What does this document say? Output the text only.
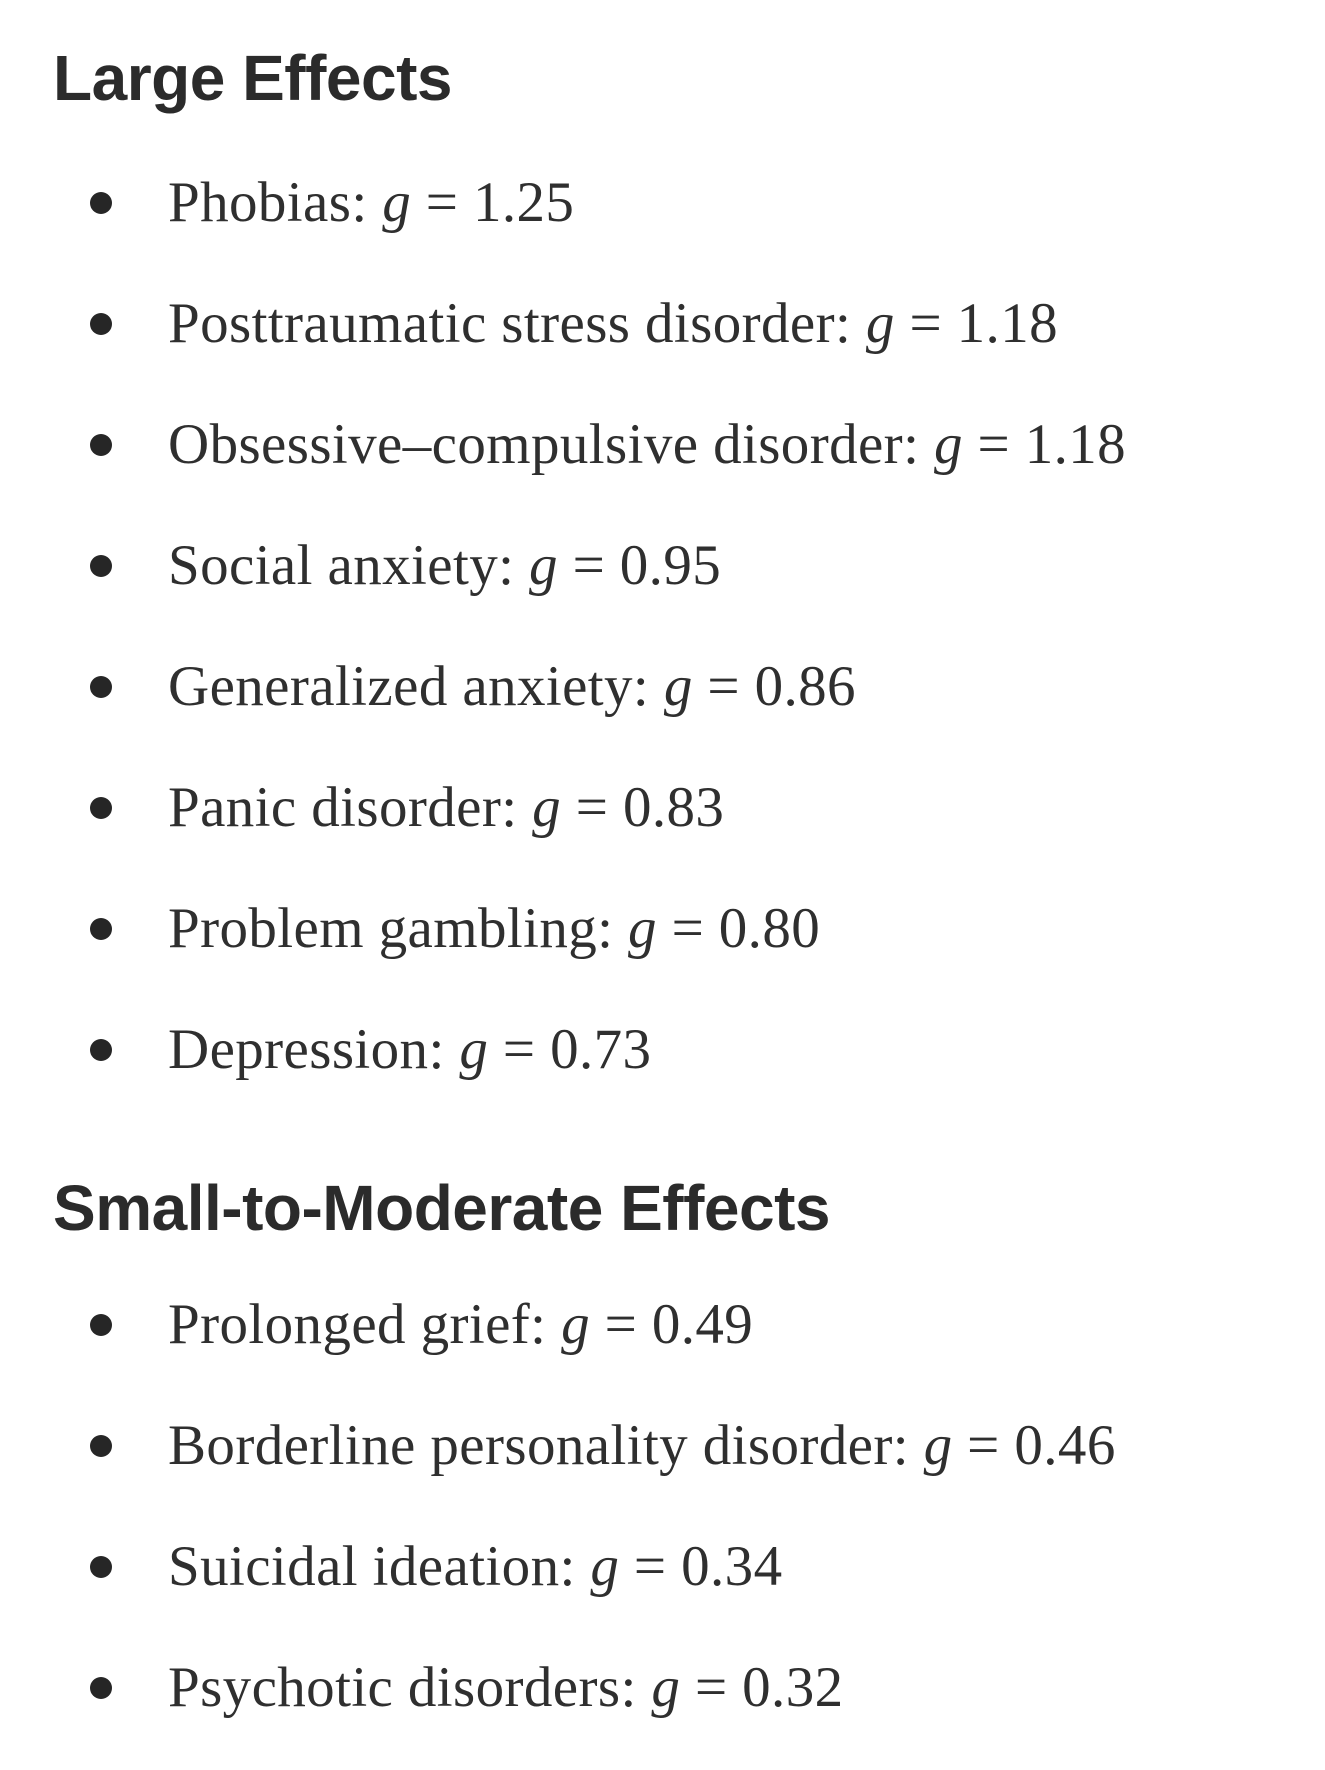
Large Effects
Phobias: g = 1.25
Posttraumatic stress disorder: g = 1.18
Obsessive–compulsive disorder: g = 1.18
Social anxiety: g = 0.95
Generalized anxiety: g = 0.86
Panic disorder: g = 0.83
Problem gambling: g = 0.80
Depression: g = 0.73
Small-to-Moderate Effects
Prolonged grief: g = 0.49
Borderline personality disorder: g = 0.46
Suicidal ideation: g = 0.34
Psychotic disorders: g = 0.32
